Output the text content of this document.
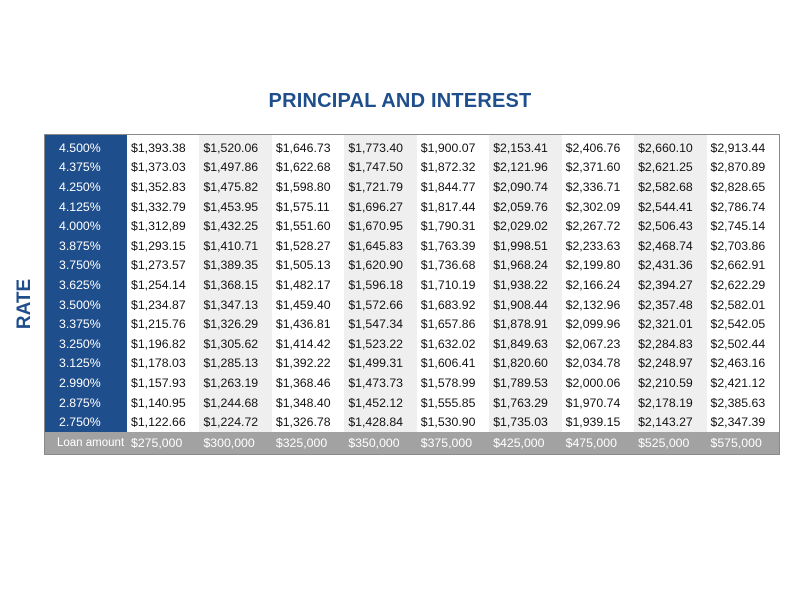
PRINCIPAL AND INTEREST
RATE
4.500%	$1,393.38	$1,520.06	$1,646.73	$1,773.40	$1,900.07	$2,153.41	$2,406.76	$2,660.10	$2,913.44
4.375%	$1,373.03	$1,497.86	$1,622.68	$1,747.50	$1,872.32	$2,121.96	$2,371.60	$2,621.25	$2,870.89
4.250%	$1,352.83	$1,475.82	$1,598.80	$1,721.79	$1,844.77	$2,090.74	$2,336.71	$2,582.68	$2,828.65
4.125%	$1,332.79	$1,453.95	$1,575.11	$1,696.27	$1,817.44	$2,059.76	$2,302.09	$2,544.41	$2,786.74
4.000%	$1,312,89	$1,432.25	$1,551.60	$1,670.95	$1,790.31	$2,029.02	$2,267.72	$2,506.43	$2,745.14
3.875%	$1,293.15	$1,410.71	$1,528.27	$1,645.83	$1,763.39	$1,998.51	$2,233.63	$2,468.74	$2,703.86
3.750%	$1,273.57	$1,389.35	$1,505.13	$1,620.90	$1,736.68	$1,968.24	$2,199.80	$2,431.36	$2,662.91
3.625%	$1,254.14	$1,368.15	$1,482.17	$1,596.18	$1,710.19	$1,938.22	$2,166.24	$2,394.27	$2,622.29
3.500%	$1,234.87	$1,347.13	$1,459.40	$1,572.66	$1,683.92	$1,908.44	$2,132.96	$2,357.48	$2,582.01
3.375%	$1,215.76	$1,326.29	$1,436.81	$1,547.34	$1,657.86	$1,878.91	$2,099.96	$2,321.01	$2,542.05
3.250%	$1,196.82	$1,305.62	$1,414.42	$1,523.22	$1,632.02	$1,849.63	$2,067.23	$2,284.83	$2,502.44
3.125%	$1,178.03	$1,285.13	$1,392.22	$1,499.31	$1,606.41	$1,820.60	$2,034.78	$2,248.97	$2,463.16
2.990%	$1,157.93	$1,263.19	$1,368.46	$1,473.73	$1,578.99	$1,789.53	$2,000.06	$2,210.59	$2,421.12
2.875%	$1,140.95	$1,244.68	$1,348.40	$1,452.12	$1,555.85	$1,763.29	$1,970.74	$2,178.19	$2,385.63
2.750%	$1,122.66	$1,224.72	$1,326.78	$1,428.84	$1,530.90	$1,735.03	$1,939.15	$2,143.27	$2,347.39
Loan amount	$275,000	$300,000	$325,000	$350,000	$375,000	$425,000	$475,000	$525,000	$575,000
